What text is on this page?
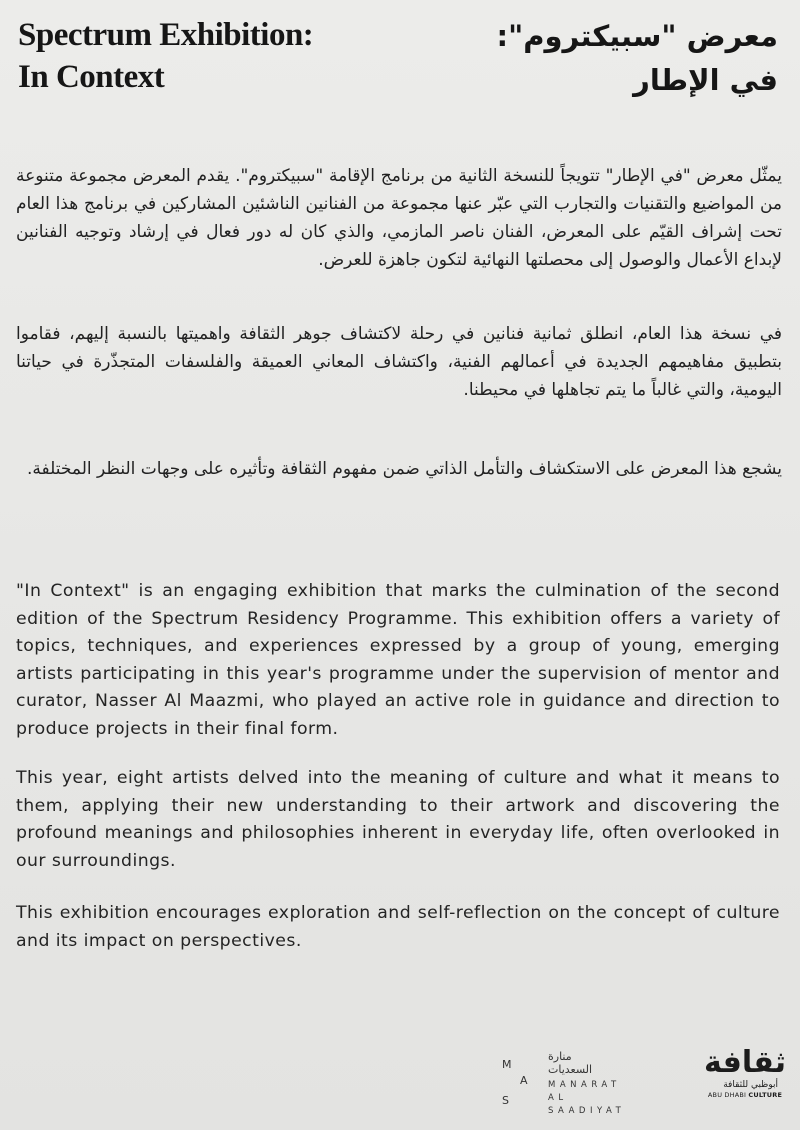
Spectrum Exhibition:
In Context
معرض "سبيكتروم":
في الإطار

يمثّل معرض "في الإطار" تتويجاً للنسخة الثانية من برنامج الإقامة "سبيكتروم". يقدم المعرض مجموعة متنوعة من المواضيع والتقنيات والتجارب التي عبّر عنها مجموعة من الفنانين الناشئين المشاركين في برنامج هذا العام تحت إشراف القيّم على المعرض، الفنان ناصر المازمي، والذي كان له دور فعال في إرشاد وتوجيه الفنانين لإبداع الأعمال والوصول إلى محصلتها النهائية لتكون جاهزة للعرض.

في نسخة هذا العام، انطلق ثمانية فنانين في رحلة لاكتشاف جوهر الثقافة واهميتها بالنسبة إليهم، فقاموا بتطبيق مفاهيمهم الجديدة في أعمالهم الفنية، واكتشاف المعاني العميقة والفلسفات المتجذّرة في حياتنا اليومية، والتي غالباً ما يتم تجاهلها في محيطنا.

يشجع هذا المعرض على الاستكشاف والتأمل الذاتي ضمن مفهوم الثقافة وتأثيره على وجهات النظر المختلفة.

"In Context" is an engaging exhibition that marks the culmination of the second edition of the Spectrum Residency Programme. This exhibition offers a variety of topics, techniques, and experiences expressed by a group of young, emerging artists participating in this year's programme under the supervision of mentor and curator, Nasser Al Maazmi, who played an active role in guidance and direction to produce projects in their final form.

This year, eight artists delved into the meaning of culture and what it means to them, applying their new understanding to their artwork and discovering the profound meanings and philosophies inherent in everyday life, often overlooked in our surroundings.

This exhibition encourages exploration and self-reflection on the concept of culture and its impact on perspectives.

M
A
S
منارة السعديات
MANARAT
AL
SAADIYAT
ثقافة
أبوظبي للثقافة
ABU DHABI CULTURE
